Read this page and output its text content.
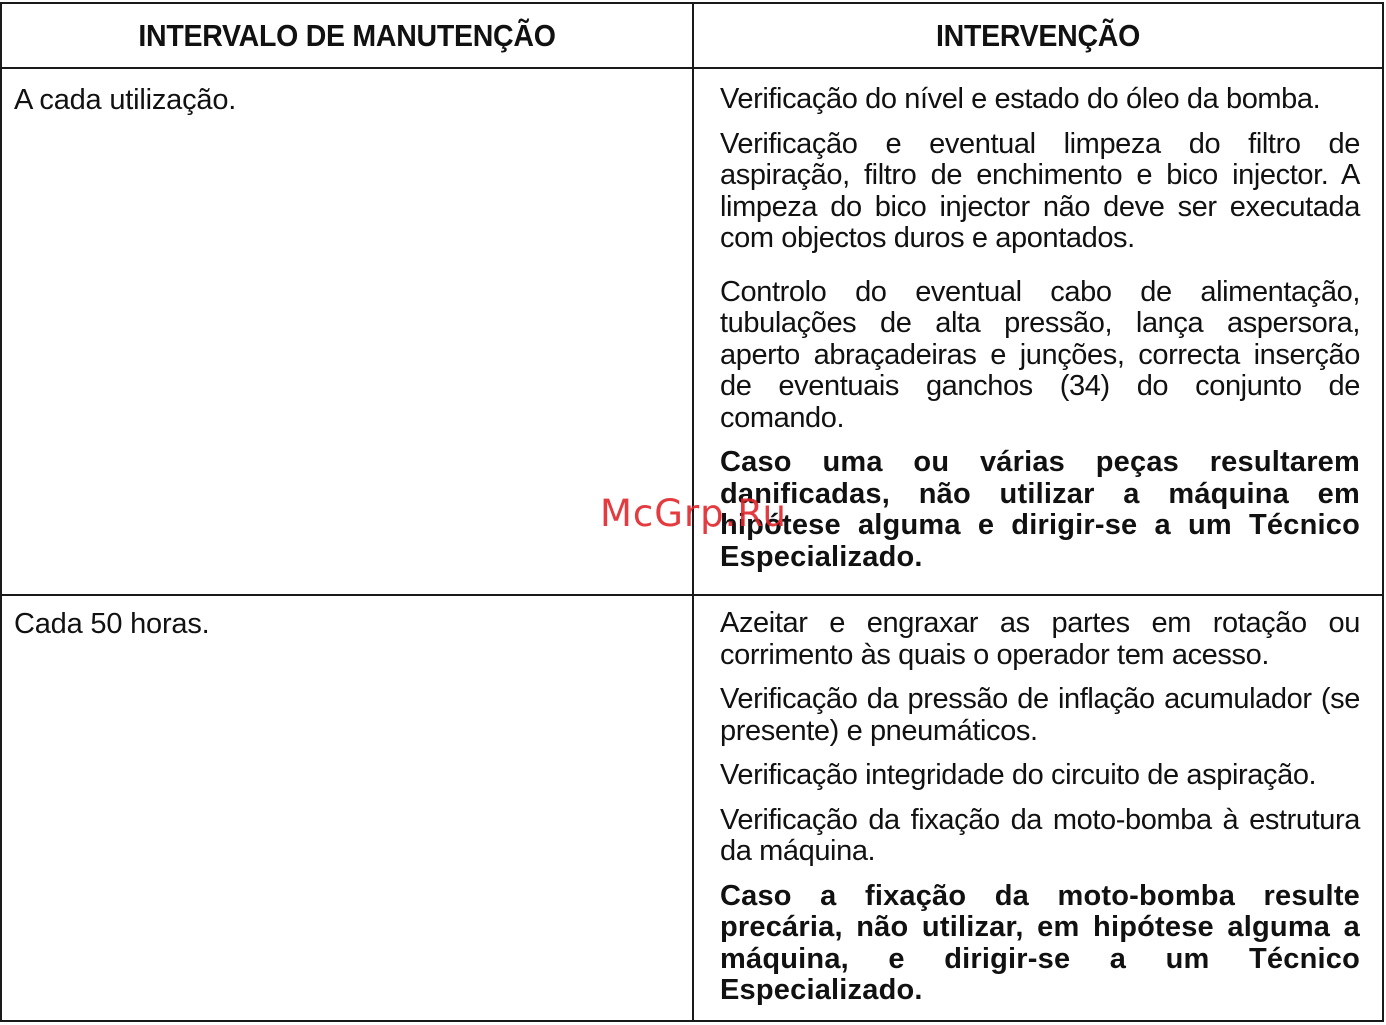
INTERVALO DE MANUTENÇÃO	INTERVENÇÃO
A cada utilização.	Verificação do nível e estado do óleo da bomba.

Verificação e eventual limpeza do filtro de aspiração, filtro de enchimento e bico injector. A limpeza do bico injector não deve ser executada com objectos duros e apontados.

Controlo do eventual cabo de alimentação, tubulações de alta pressão, lança aspersora, aperto abraçadeiras e junções, correcta inserção de eventuais ganchos (34) do conjunto de comando.

Caso uma ou várias peças resultarem danificadas, não utilizar a máquina em hipótese alguma e dirigir-se a um Técnico Especializado.

Cada 50 horas.	Azeitar e engraxar as partes em rotação ou corrimento às quais o operador tem acesso.

Verificação da pressão de inflação acumulador (se presente) e pneumáticos.

Verificação integridade do circuito de aspiração.

Verificação da fixação da moto-bomba à estrutura da máquina.

Caso a fixação da moto-bomba resulte precária, não utilizar, em hipótese alguma a máquina, e dirigir-se a um Técnico Especializado.

McGrp.Ru
